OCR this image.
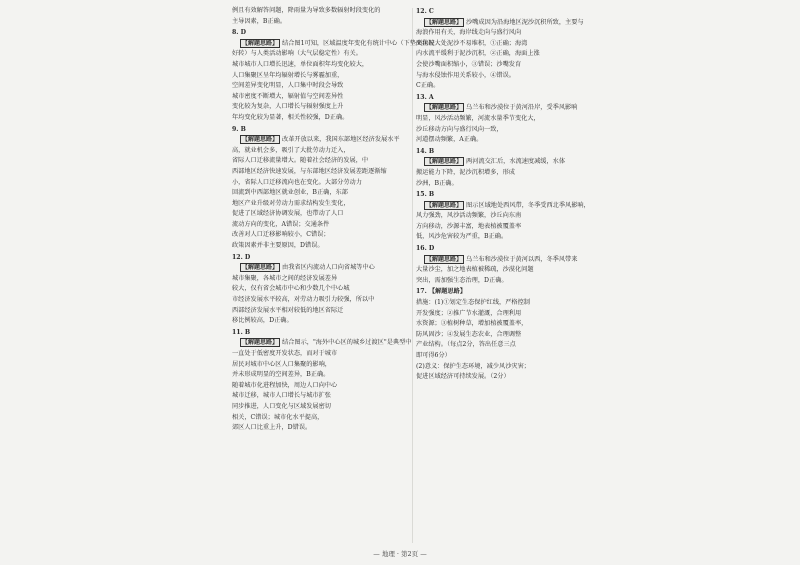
例且有效解答问题，降雨量为导致多数辐射时段变化的
主导因素，B正确。
8. D
【解题思路】 结合图1可知，区域温度年变化有统计中心（下垫面状况
好转）与人类活动影响（大气层稳定性）有关。
城市城市人口增长迅速，单位面积年均变化较大，
人口集聚区呈年均辐射增长与雾霾加重，
空间差异变化明显，人口集中时段会导致
城市密度不断增大，辐射值与空间差异性
变化较为复杂，人口增长与辐射强度上升
年均变化较为显著，相关性较强，D正确。
9. B
【解题思路】 改革开放以来，我国东部地区经济发展水平
高，就业机会多，吸引了大批劳动力迁入，
省际人口迁移流量增大。随着社会经济的发展，中
西部地区经济快速发展，与东部地区经济发展差距逐渐缩
小，省际人口迁移流向也在变化。大部分劳动力
回流到中西部地区就业创业，B正确，东部
地区产业升级对劳动力需求结构发生变化，
促进了区域经济协调发展，也带动了人口
流动方向的变化，A错误；交通条件
改善对人口迁移影响较小，C错误；
政策因素并非主要原因，D错误。
12. D
【解题思路】 由我省区内流动人口向省城等中心
城市集聚，各城市之间的经济发展差异
较大，仅有省会城市中心和少数几个中心城
市经济发展水平较高，对劳动力吸引力较强，所以中
西部经济发展水平相对较低的地区省际迁
移比例较高，D正确。
11. B
【解题思路】 结合图示，"海外中心区的城乡过渡区"是典型中
一直处于低密度开发状态，而对于城市
居民对城市中心区人口集聚的影响，
并未形成明显的空间差异，B正确。
随着城市化进程加快，周边人口向中心
城市迁移，城市人口增长与城市扩张
同步推进，人口变化与区域发展密切
相关，C错误；城市化水平提高，
郊区人口比重上升，D错误。
12. C
【解题思路】 沙嘴成因为沿海地区泥沙沉积所致，主要与
海浪作用有关，海岸线走向与盛行风向
夹角较大处泥沙不易堆积，①正确；海湾
内水流平缓利于泥沙沉积，②正确，海面上涨
会使沙嘴面积缩小，③错误；沙嘴发育
与海水侵蚀作用关系较小，④错误。
C正确。
13. A
【解题思路】 乌兰布和沙漠位于黄河沿岸，受季风影响
明显，风沙活动频繁，河流水量季节变化大，
沙丘移动方向与盛行风向一致，
河道摆动频繁，A正确。
14. B
【解题思路】 两河流交汇后，水流速度减缓，水体
搬运能力下降，泥沙沉积增多，形成
沙洲，B正确。
15. B
【解题思路】 图示区域地处西风带，冬季受西北季风影响，
风力强劲，风沙活动频繁，沙丘向东南
方向移动，沙源丰富，地表植被覆盖率
低，风沙危害较为严重，B正确。
16. D
【解题思路】 乌兰布和沙漠位于黄河以西，冬季风带来
大量沙尘，加之地表植被稀疏，沙漠化问题
突出，需加强生态治理，D正确。
17. 【解题思路】
措施：(1)①划定生态保护红线，严格控制
开发强度；②推广节水灌溉，合理利用
水资源；③植树种草，增加植被覆盖率，
防风固沙；④发展生态农业，合理调整
产业结构。（每点2分，答出任意三点
即可得6分）
(2)意义：保护生态环境，减少风沙灾害；
促进区域经济可持续发展。（2分）
— 地理 · 第2页 —
